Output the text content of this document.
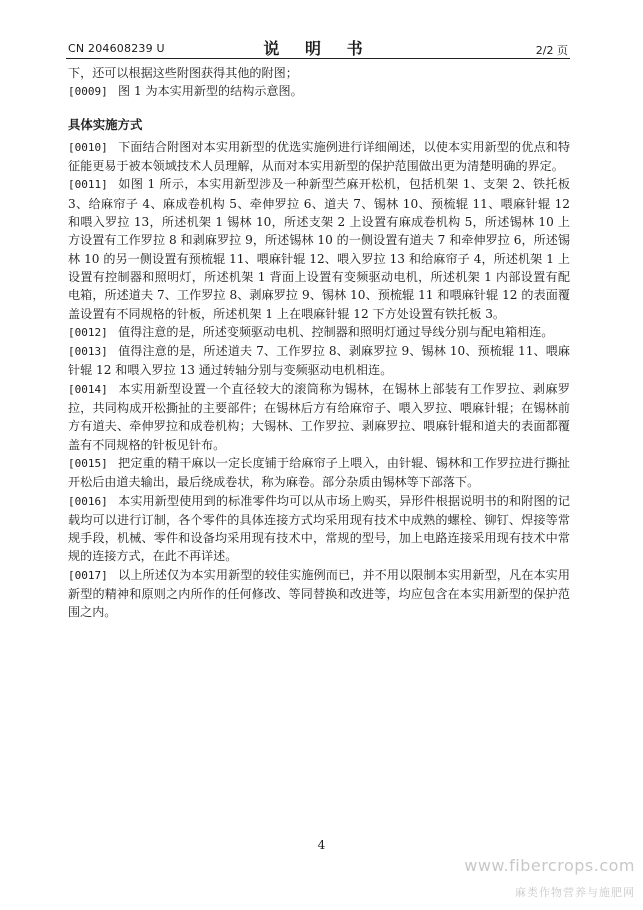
CN 204608239 U	说 明 书	2/2 页

下，还可以根据这些附图获得其他的附图；

[0009] 图 1 为本实用新型的结构示意图。

具体实施方式

[0010] 下面结合附图对本实用新型的优选实施例进行详细阐述，以使本实用新型的优点和特征能更易于被本领域技术人员理解，从而对本实用新型的保护范围做出更为清楚明确的界定。

[0011] 如图 1 所示，本实用新型涉及一种新型苎麻开松机，包括机架 1、支架 2、铁托板 3、给麻帘子 4、麻成卷机构 5、牵伸罗拉 6、道夫 7、锡林 10、预梳辊 11、喂麻针辊 12 和喂入罗拉 13，所述机架 1 锡林 10，所述支架 2 上设置有麻成卷机构 5，所述锡林 10 上方设置有工作罗拉 8 和剥麻罗拉 9，所述锡林 10 的一侧设置有道夫 7 和牵伸罗拉 6，所述锡林 10 的另一侧设置有预梳辊 11、喂麻针辊 12、喂入罗拉 13 和给麻帘子 4，所述机架 1 上设置有控制器和照明灯，所述机架 1 背面上设置有变频驱动电机，所述机架 1 内部设置有配电箱，所述道夫 7、工作罗拉 8、剥麻罗拉 9、锡林 10、预梳辊 11 和喂麻针辊 12 的表面覆盖设置有不同规格的针板，所述机架 1 上在喂麻针辊 12 下方处设置有铁托板 3。

[0012] 值得注意的是，所述变频驱动电机、控制器和照明灯通过导线分别与配电箱相连。

[0013] 值得注意的是，所述道夫 7、工作罗拉 8、剥麻罗拉 9、锡林 10、预梳辊 11、喂麻针辊 12 和喂入罗拉 13 通过转轴分别与变频驱动电机相连。

[0014] 本实用新型设置一个直径较大的滚筒称为锡林，在锡林上部装有工作罗拉、剥麻罗拉，共同构成开松撕扯的主要部件；在锡林后方有给麻帘子、喂入罗拉、喂麻针辊；在锡林前方有道夫、牵伸罗拉和成卷机构；大锡林、工作罗拉、剥麻罗拉、喂麻针辊和道夫的表面都覆盖有不同规格的针板见针布。

[0015] 把定重的精干麻以一定长度铺于给麻帘子上喂入，由针辊、锡林和工作罗拉进行撕扯开松后由道夫输出，最后绕成卷状，称为麻卷。部分杂质由锡林等下部落下。

[0016] 本实用新型使用到的标准零件均可以从市场上购买，异形件根据说明书的和附图的记载均可以进行订制，各个零件的具体连接方式均采用现有技术中成熟的螺栓、铆钉、焊接等常规手段，机械、零件和设备均采用现有技术中，常规的型号，加上电路连接采用现有技术中常规的连接方式，在此不再详述。

[0017] 以上所述仅为本实用新型的较佳实施例而已，并不用以限制本实用新型，凡在本实用新型的精神和原则之内所作的任何修改、等同替换和改进等，均应包含在本实用新型的保护范围之内。

4
www.fibercrops.com
麻类作物营养与施肥网
